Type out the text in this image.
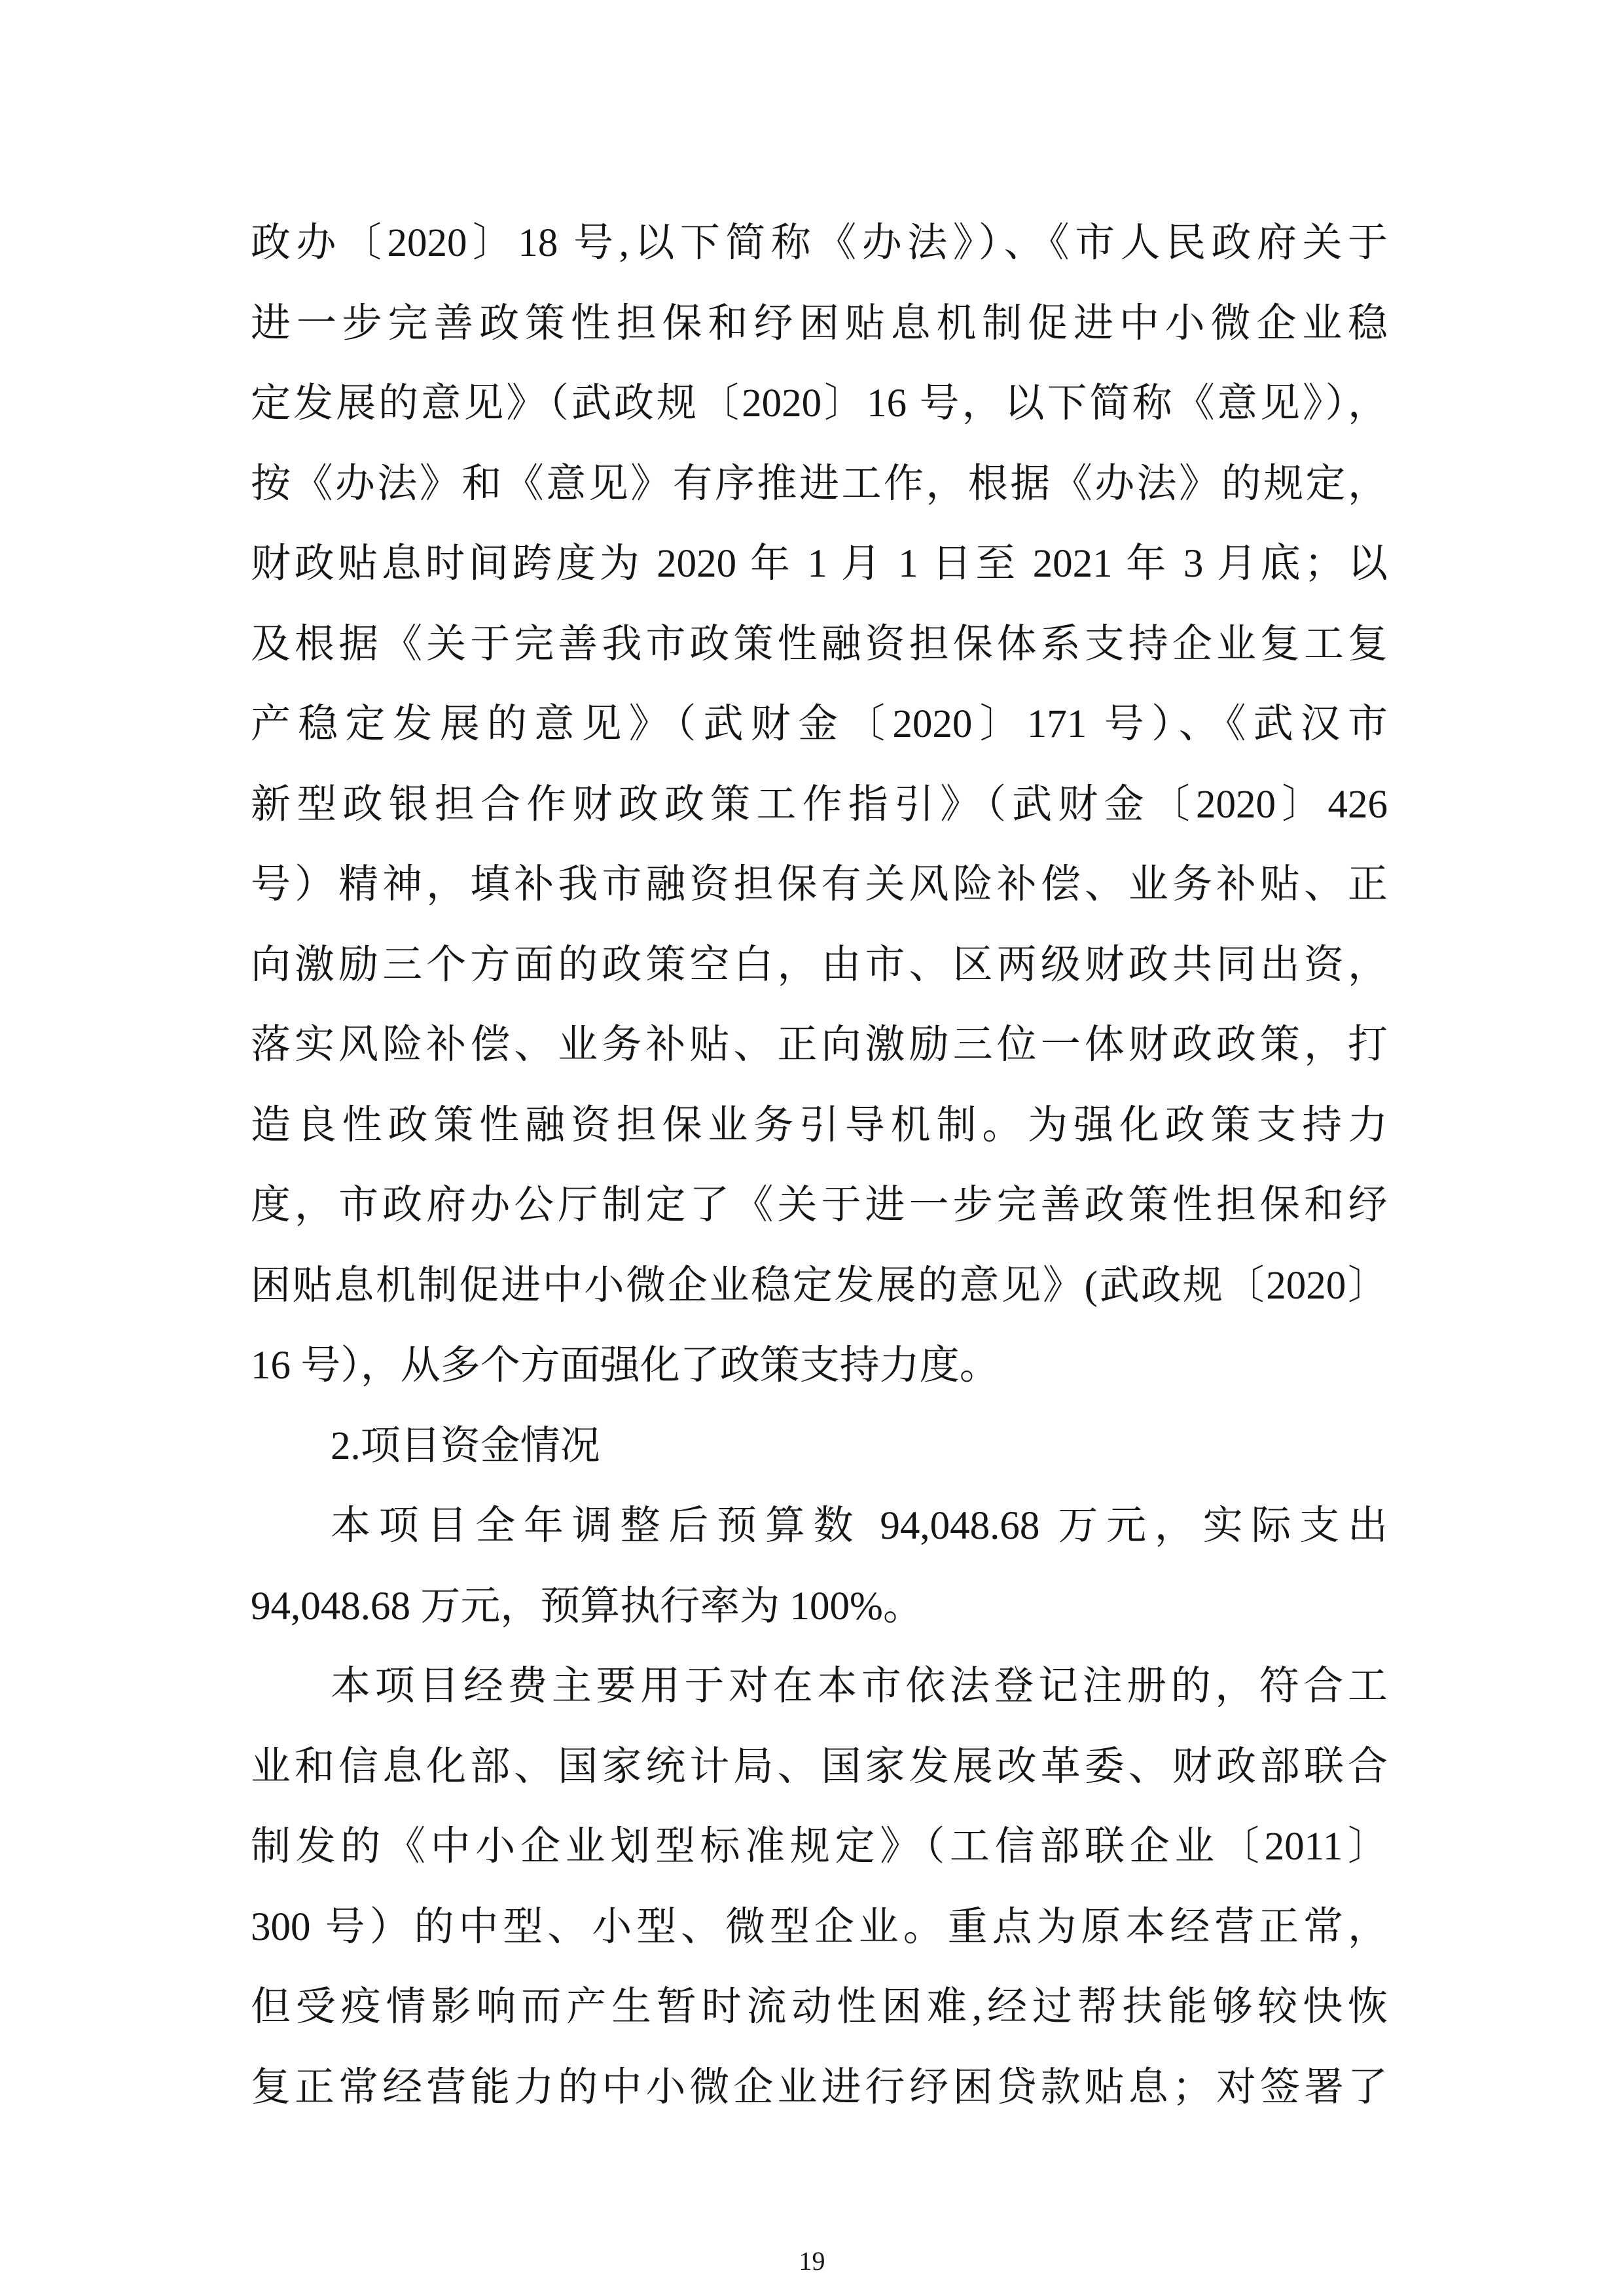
政办〔2020〕18 号,以下简称《办法》）、《市人民政府关于
进一步完善政策性担保和纾困贴息机制促进中小微企业稳
定发展的意见》（武政规〔2020〕16 号，以下简称《意见》），
按《办法》和《意见》有序推进工作，根据《办法》的规定，
财政贴息时间跨度为 2020 年 1 月 1 日至 2021 年 3 月底；以
及根据《关于完善我市政策性融资担保体系支持企业复工复
产稳定发展的意见》（武财金〔2020〕171 号）、《武汉市
新型政银担合作财政政策工作指引》（武财金〔2020〕426
号）精神，填补我市融资担保有关风险补偿、业务补贴、正
向激励三个方面的政策空白，由市、区两级财政共同出资，
落实风险补偿、业务补贴、正向激励三位一体财政政策，打
造良性政策性融资担保业务引导机制。为强化政策支持力
度，市政府办公厅制定了《关于进一步完善政策性担保和纾
困贴息机制促进中小微企业稳定发展的意见》(武政规〔2020〕
16 号），从多个方面强化了政策支持力度。
2.项目资金情况
本项目全年调整后预算数 94,048.68 万元，实际支出
94,048.68 万元，预算执行率为 100%。
本项目经费主要用于对在本市依法登记注册的，符合工
业和信息化部、国家统计局、国家发展改革委、财政部联合
制发的《中小企业划型标准规定》（工信部联企业〔2011〕
300 号）的中型、小型、微型企业。重点为原本经营正常，
但受疫情影响而产生暂时流动性困难,经过帮扶能够较快恢
复正常经营能力的中小微企业进行纾困贷款贴息；对签署了
19
